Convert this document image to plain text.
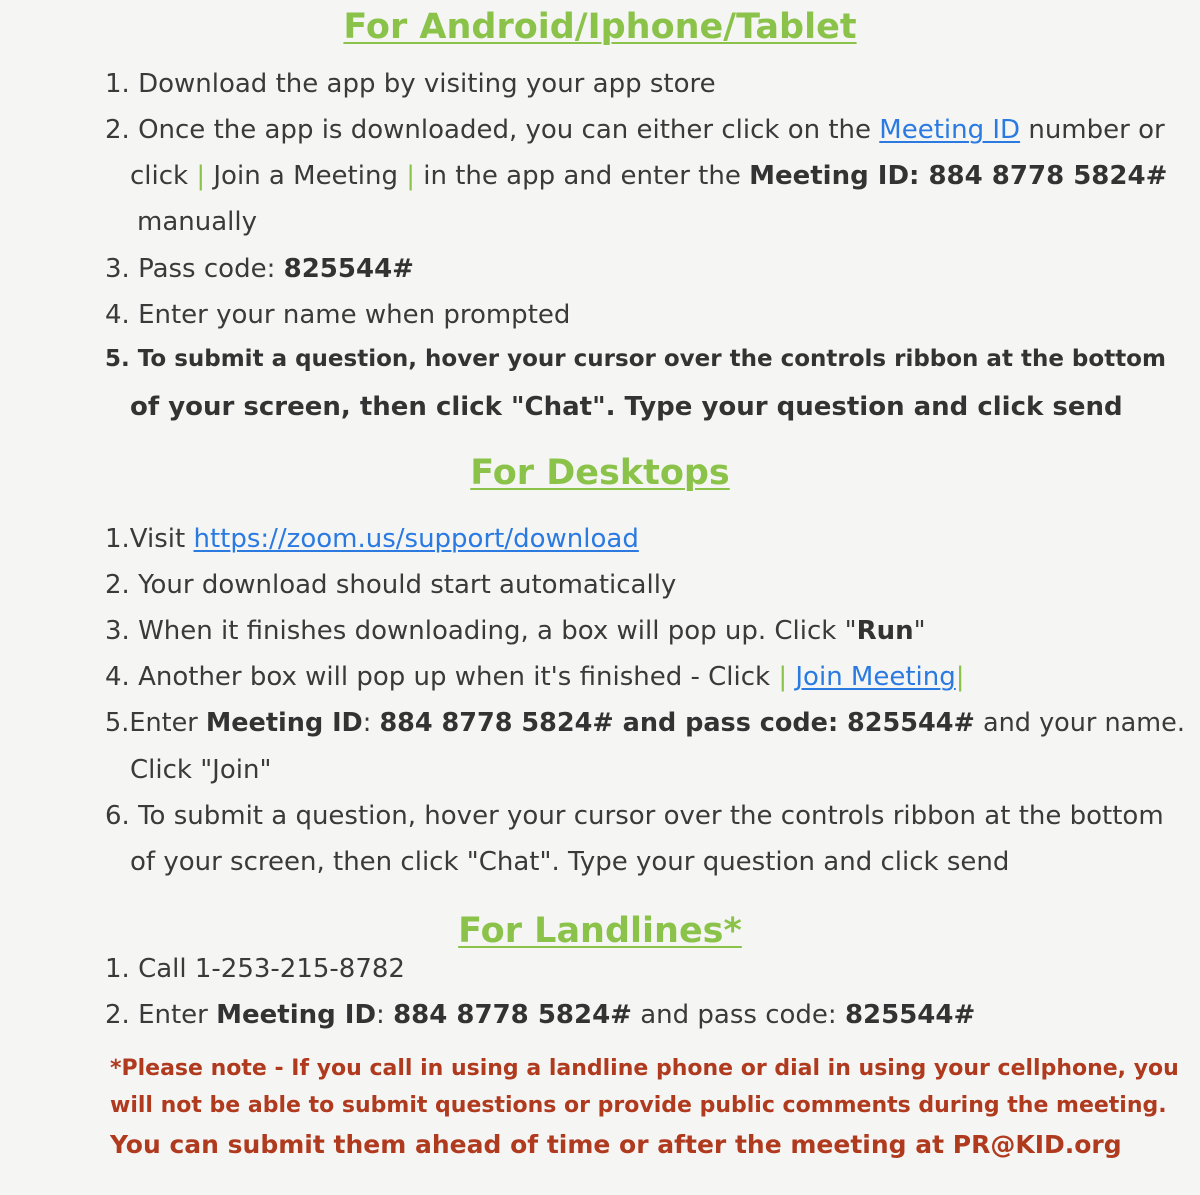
For Android/Iphone/Tablet
1. Download the app by visiting your app store
2. Once the app is downloaded, you can either click on the Meeting ID number or
click | Join a Meeting | in the app and enter the Meeting ID: 884 8778 5824#
manually
3. Pass code: 825544#
4. Enter your name when prompted
5. To submit a question, hover your cursor over the controls ribbon at the bottom
of your screen, then click "Chat". Type your question and click send
For Desktops
1.Visit https://zoom.us/support/download
2. Your download should start automatically
3. When it finishes downloading, a box will pop up. Click "Run"
4. Another box will pop up when it's finished - Click | Join Meeting|
5.Enter Meeting ID: 884 8778 5824# and pass code: 825544# and your name.
Click "Join"
6. To submit a question, hover your cursor over the controls ribbon at the bottom
of your screen, then click "Chat". Type your question and click send
For Landlines*
1. Call 1-253-215-8782
2. Enter Meeting ID: 884 8778 5824# and pass code: 825544#
*Please note - If you call in using a landline phone or dial in using your cellphone, you
will not be able to submit questions or provide public comments during the meeting.
You can submit them ahead of time or after the meeting at PR@KID.org
